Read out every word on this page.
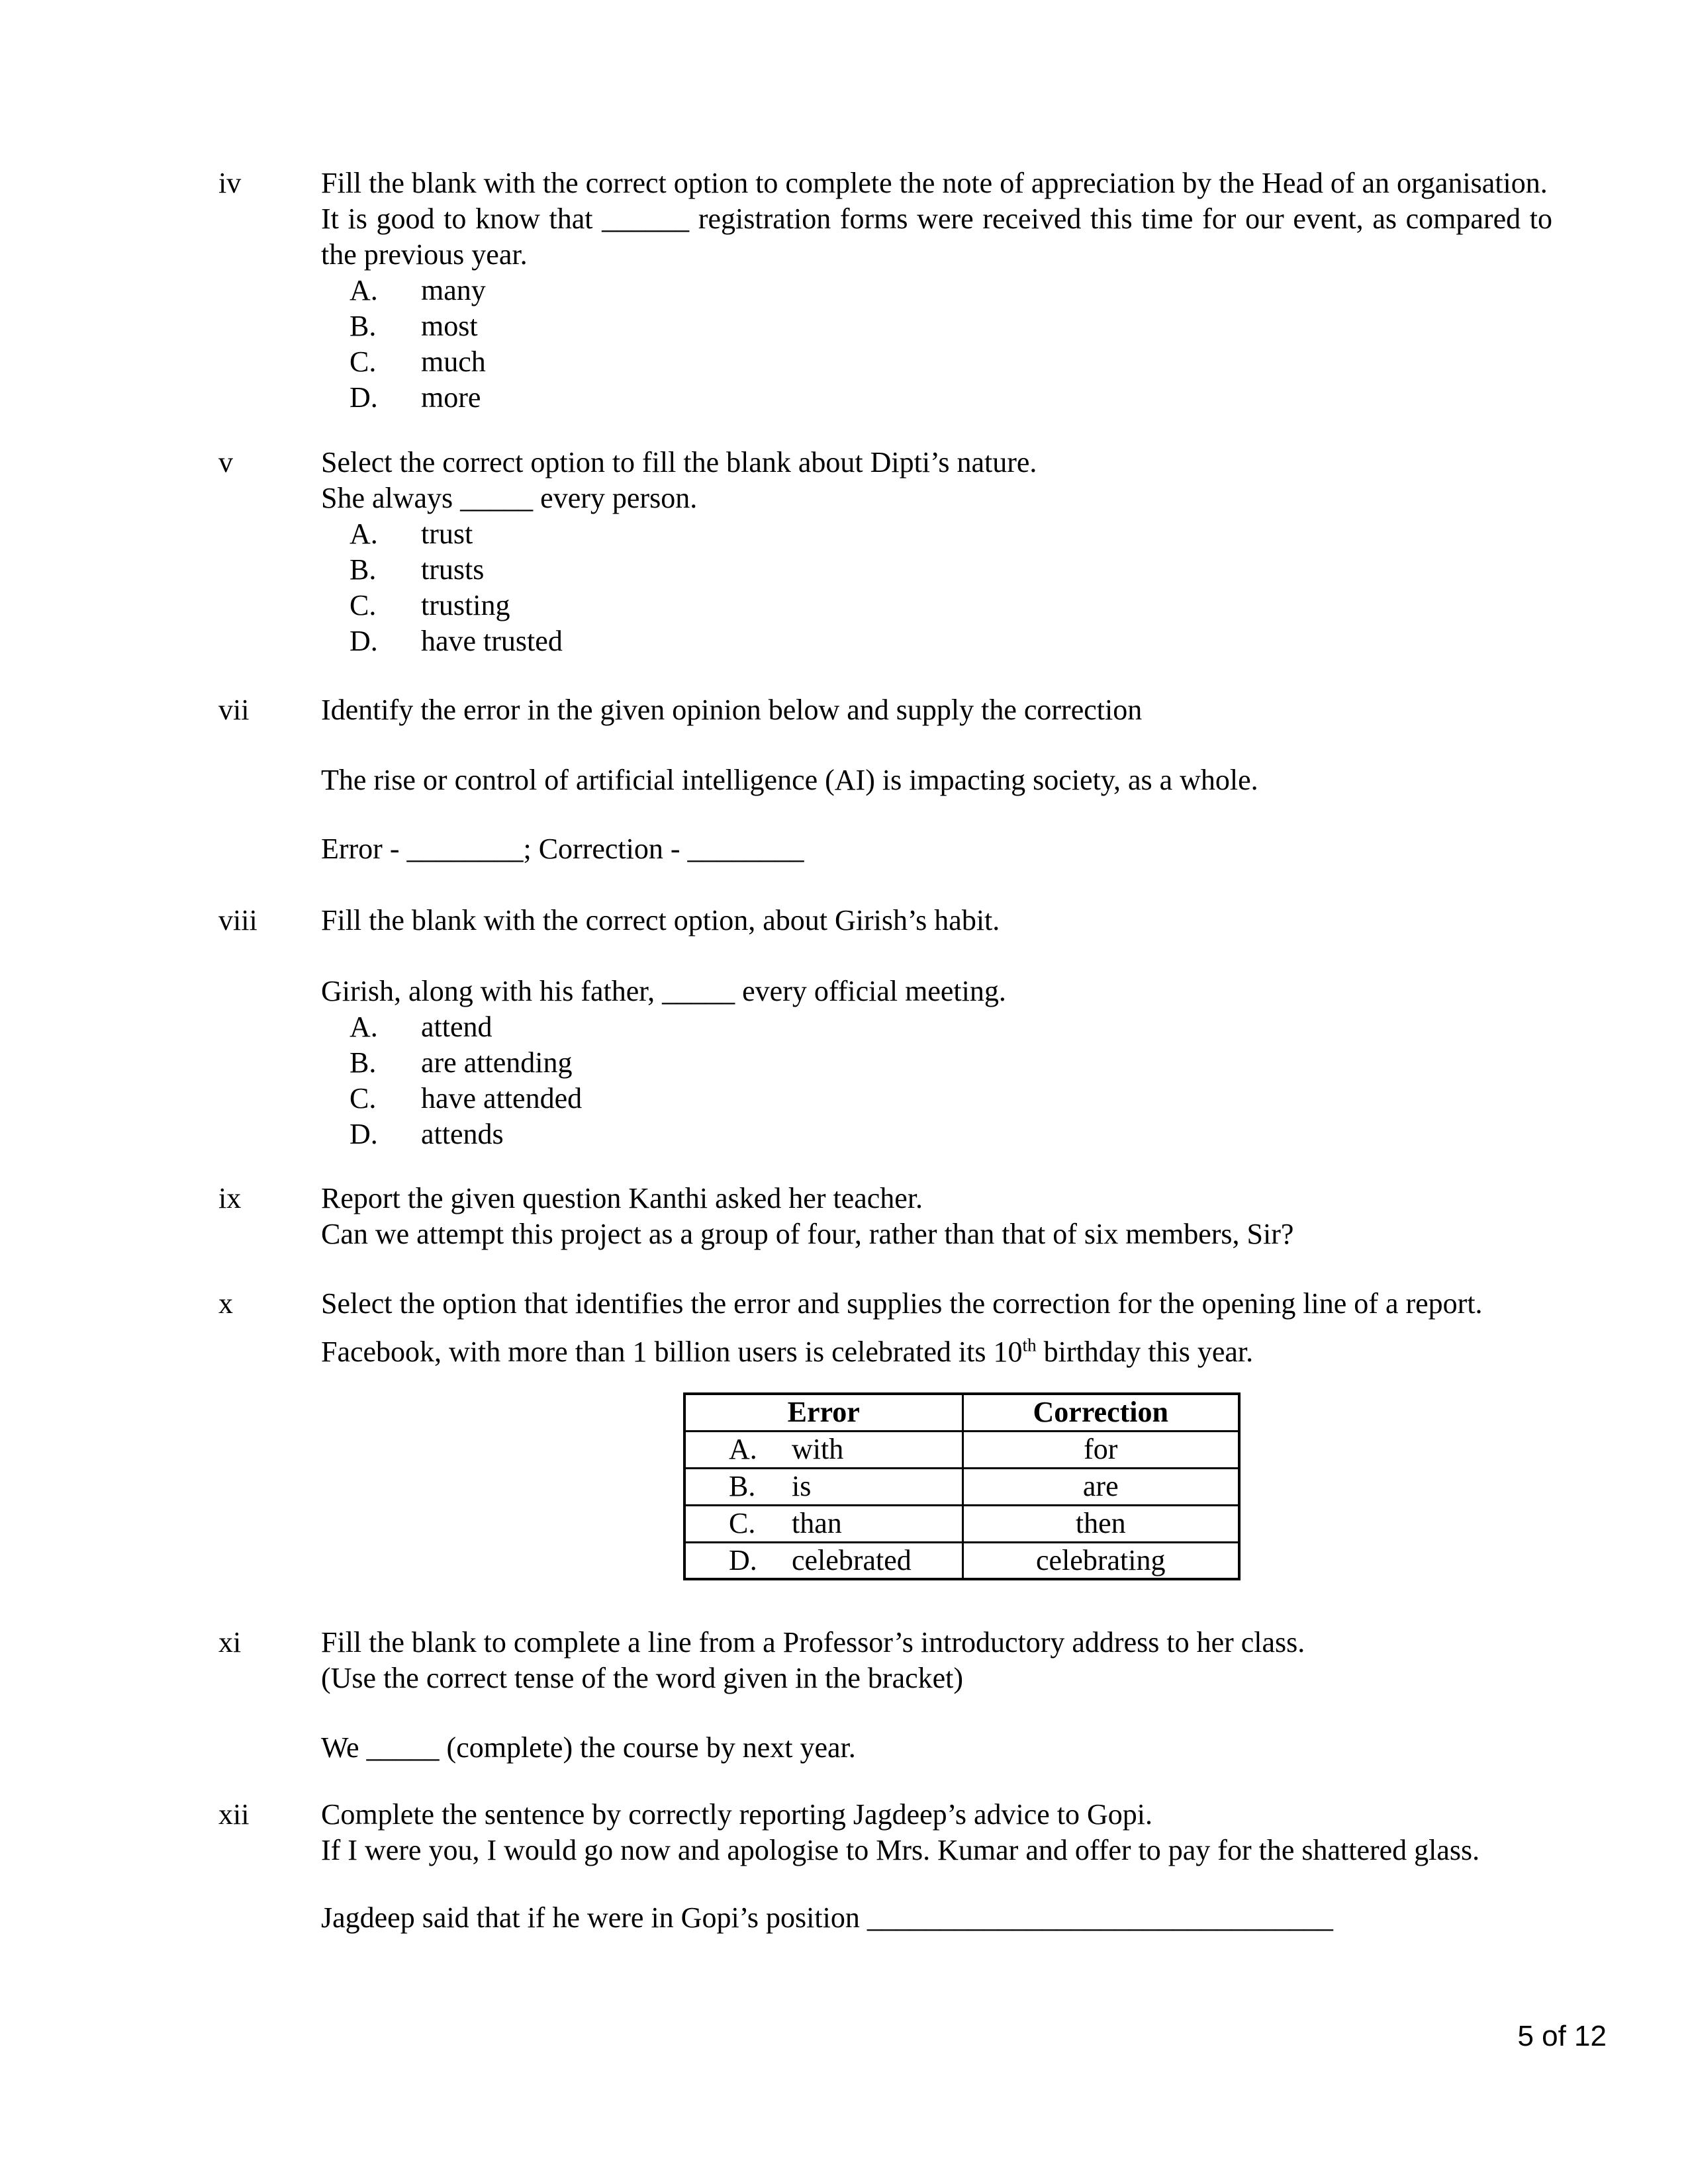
iv	Fill the blank with the correct option to complete the note of appreciation by the Head of an organisation.

It is good to know that ______ registration forms were received this time for our event, as compared to the previous year.

A.	many
B.	most
C.	much
D.	more
v	Select the correct option to fill the blank about Dipti’s nature.

She always _____ every person.

A.	trust
B.	trusts
C.	trusting
D.	have trusted
vii	Identify the error in the given opinion below and supply the correction

The rise or control of artificial intelligence (AI) is impacting society, as a whole.

Error - ________; Correction - ________

viii	Fill the blank with the correct option, about Girish’s habit.

Girish, along with his father, _____ every official meeting.

A.	attend
B.	are attending
C.	have attended
D.	attends
ix	Report the given question Kanthi asked her teacher.

Can we attempt this project as a group of four, rather than that of six members, Sir?

x	Select the option that identifies the error and supplies the correction for the opening line of a report.

Facebook, with more than 1 billion users is celebrated its 10th birthday this year.

Error	Correction
A. with	for
B. is	are
C. than	then
D. celebrated	celebrating
xi	Fill the blank to complete a line from a Professor’s introductory address to her class.

(Use the correct tense of the word given in the bracket)

We _____ (complete) the course by next year.

xii	Complete the sentence by correctly reporting Jagdeep’s advice to Gopi.

If I were you, I would go now and apologise to Mrs. Kumar and offer to pay for the shattered glass.

Jagdeep said that if he were in Gopi’s position ________________________________

5 of 12
